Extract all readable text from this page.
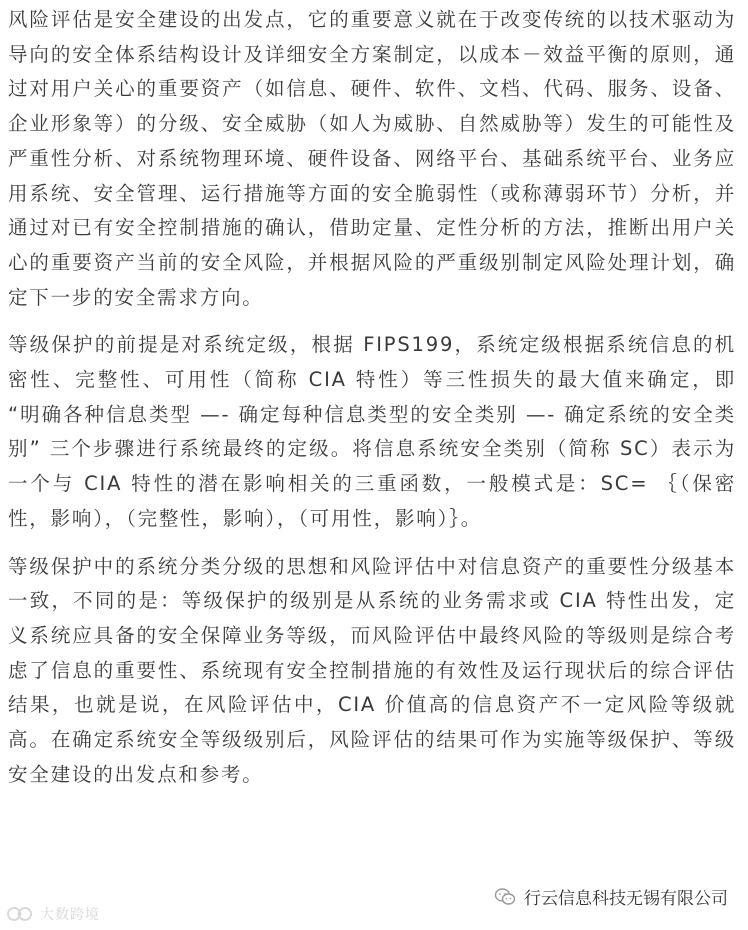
风险评估是安全建设的出发点，它的重要意义就在于改变传统的以技术驱动为导向的安全体系结构设计及详细安全方案制定，以成本－效益平衡的原则，通过对用户关心的重要资产（如信息、硬件、软件、文档、代码、服务、设备、企业形象等）的分级、安全威胁（如人为威胁、自然威胁等）发生的可能性及严重性分析、对系统物理环境、硬件设备、网络平台、基础系统平台、业务应用系统、安全管理、运行措施等方面的安全脆弱性（或称薄弱环节）分析，并通过对已有安全控制措施的确认，借助定量、定性分析的方法，推断出用户关心的重要资产当前的安全风险，并根据风险的严重级别制定风险处理计划，确定下一步的安全需求方向。

等级保护的前提是对系统定级，根据 FIPS199，系统定级根据系统信息的机密性、完整性、可用性（简称 CIA 特性）等三性损失的最大值来确定，即 “明确各种信息类型 —- 确定每种信息类型的安全类别 —- 确定系统的安全类别” 三个步骤进行系统最终的定级。将信息系统安全类别（简称 SC）表示为一个与 CIA 特性的潜在影响相关的三重函数，一般模式是：SC= ｛（保密性，影响），（完整性，影响），（可用性，影响）｝。

等级保护中的系统分类分级的思想和风险评估中对信息资产的重要性分级基本一致，不同的是：等级保护的级别是从系统的业务需求或 CIA 特性出发，定义系统应具备的安全保障业务等级，而风险评估中最终风险的等级则是综合考虑了信息的重要性、系统现有安全控制措施的有效性及运行现状后的综合评估结果，也就是说，在风险评估中，CIA 价值高的信息资产不一定风险等级就高。在确定系统安全等级级别后，风险评估的结果可作为实施等级保护、等级安全建设的出发点和参考。

行云信息科技无锡有限公司
大数跨境
